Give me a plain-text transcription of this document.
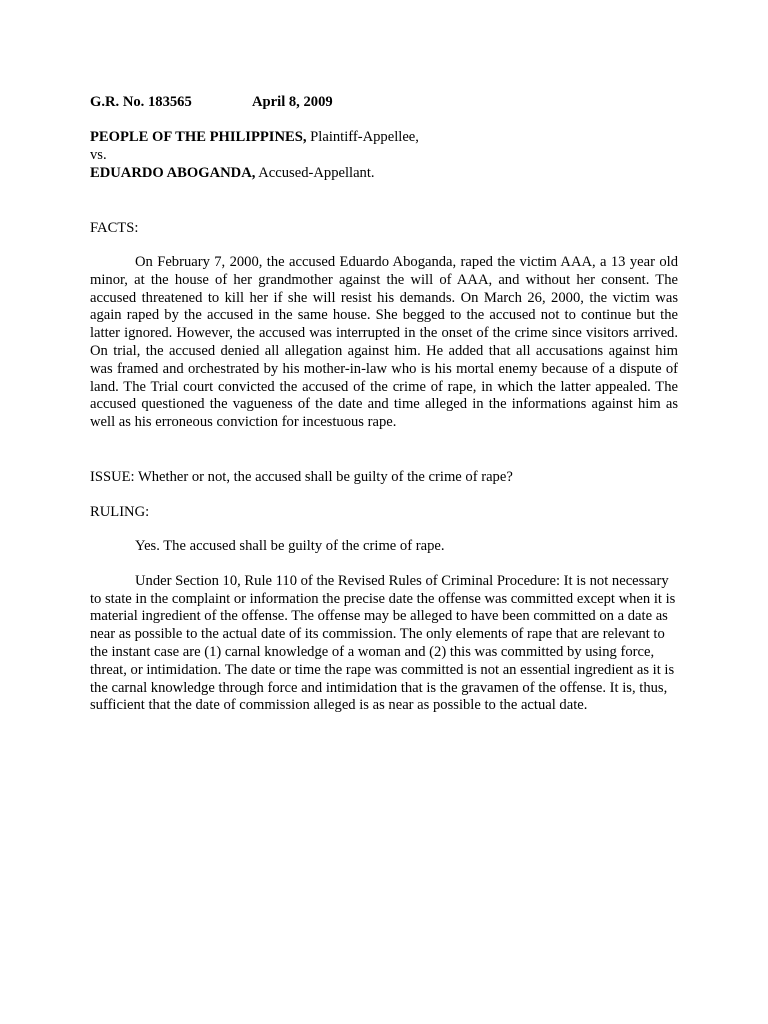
G.R. No. 183565	April 8, 2009

PEOPLE OF THE PHILIPPINES, Plaintiff-Appellee,

vs.

EDUARDO ABOGANDA, Accused-Appellant.

FACTS:

On February 7, 2000, the accused Eduardo Aboganda, raped the victim AAA, a 13 year old minor, at the house of her grandmother against the will of AAA, and without her consent. The accused threatened to kill her if she will resist his demands. On March 26, 2000, the victim was again raped by the accused in the same house. She begged to the accused not to continue but the latter ignored. However, the accused was interrupted in the onset of the crime since visitors arrived. On trial, the accused denied all allegation against him. He added that all accusations against him was framed and orchestrated by his mother-in-law who is his mortal enemy because of a dispute of land. The Trial court convicted the accused of the crime of rape, in which the latter appealed. The accused questioned the vagueness of the date and time alleged in the informations against him as well as his erroneous conviction for incestuous rape.

ISSUE: Whether or not, the accused shall be guilty of the crime of rape?

RULING:

Yes. The accused shall be guilty of the crime of rape.

Under Section 10, Rule 110 of the Revised Rules of Criminal Procedure: It is not necessary to state in the complaint or information the precise date the offense was committed except when it is material ingredient of the offense. The offense may be alleged to have been committed on a date as near as possible to the actual date of its commission. The only elements of rape that are relevant to the instant case are (1) carnal knowledge of a woman and (2) this was committed by using force, threat, or intimidation. The date or time the rape was committed is not an essential ingredient as it is the carnal knowledge through force and intimidation that is the gravamen of the offense. It is, thus, sufficient that the date of commission alleged is as near as possible to the actual date.
